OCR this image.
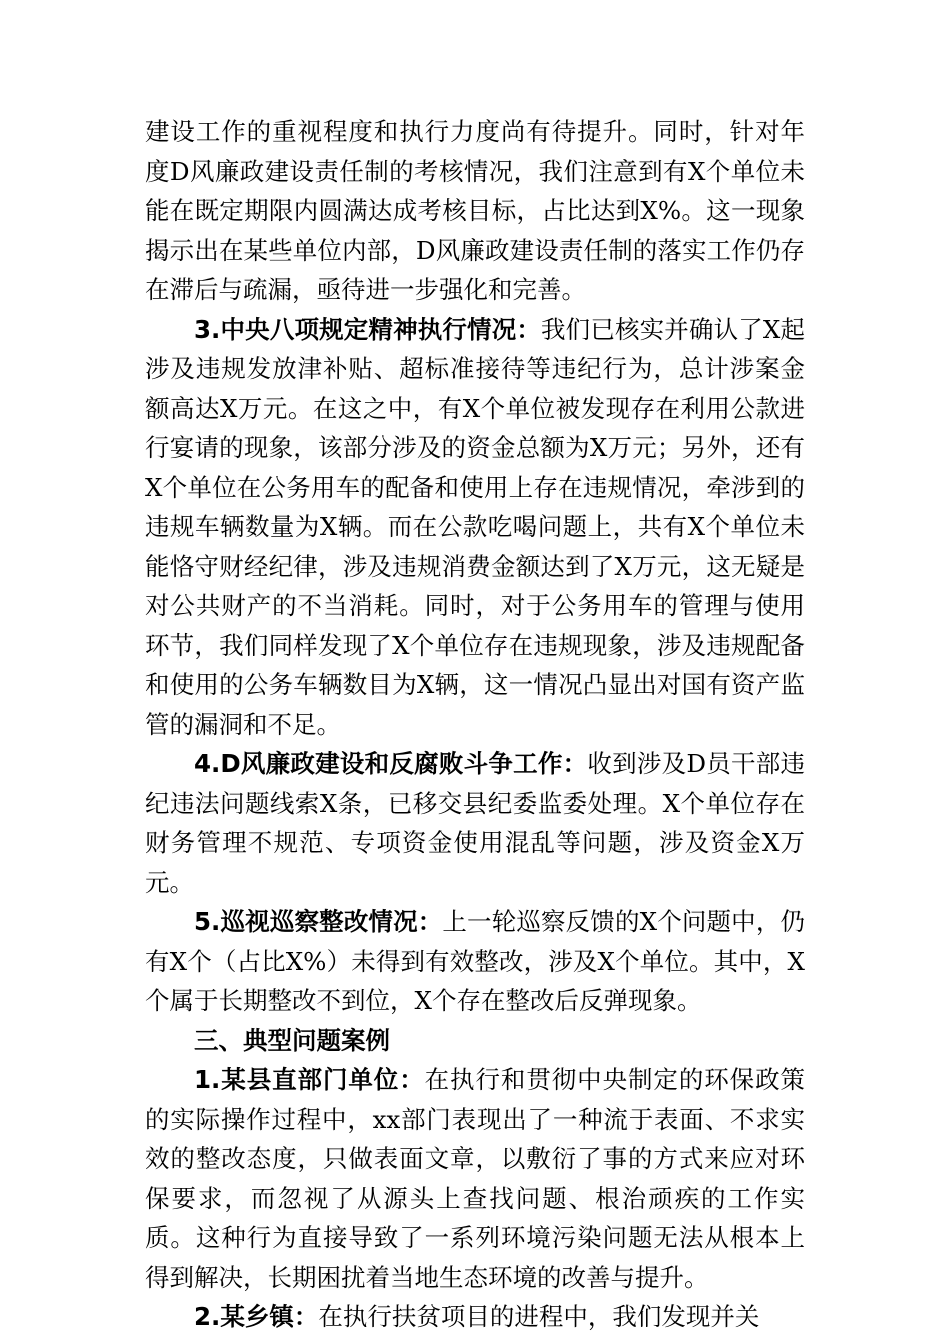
建设工作的重视程度和执行力度尚有待提升。同时，针对年度D风廉政建设责任制的考核情况，我们注意到有X个单位未能在既定期限内圆满达成考核目标，占比达到X%。这一现象揭示出在某些单位内部，D风廉政建设责任制的落实工作仍存在滞后与疏漏，亟待进一步强化和完善。

3.中央八项规定精神执行情况：我们已核实并确认了X起涉及违规发放津补贴、超标准接待等违纪行为，总计涉案金额高达X万元。在这之中，有X个单位被发现存在利用公款进行宴请的现象，该部分涉及的资金总额为X万元；另外，还有X个单位在公务用车的配备和使用上存在违规情况，牵涉到的违规车辆数量为X辆。而在公款吃喝问题上，共有X个单位未能恪守财经纪律，涉及违规消费金额达到了X万元，这无疑是对公共财产的不当消耗。同时，对于公务用车的管理与使用环节，我们同样发现了X个单位存在违规现象，涉及违规配备和使用的公务车辆数目为X辆，这一情况凸显出对国有资产监管的漏洞和不足。

4.D风廉政建设和反腐败斗争工作：收到涉及D员干部违纪违法问题线索X条，已移交县纪委监委处理。X个单位存在财务管理不规范、专项资金使用混乱等问题，涉及资金X万元。

5.巡视巡察整改情况：上一轮巡察反馈的X个问题中，仍有X个（占比X%）未得到有效整改，涉及X个单位。其中，X个属于长期整改不到位，X个存在整改后反弹现象。

三、典型问题案例

1.某县直部门单位：在执行和贯彻中央制定的环保政策的实际操作过程中，xx部门表现出了一种流于表面、不求实效的整改态度，只做表面文章，以敷衍了事的方式来应对环保要求，而忽视了从源头上查找问题、根治顽疾的工作实质。这种行为直接导致了一系列环境污染问题无法从根本上得到解决，长期困扰着当地生态环境的改善与提升。

2.某乡镇：在执行扶贫项目的进程中，我们发现并关
